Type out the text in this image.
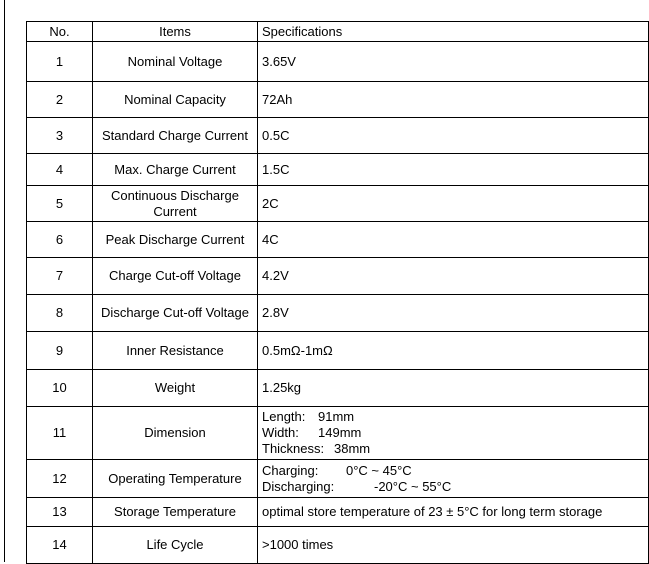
No.	Items	Specifications
1	Nominal Voltage	3.65V
2	Nominal Capacity	72Ah
3	Standard Charge Current	0.5C
4	Max. Charge Current	1.5C
5	Continuous Discharge Current	2C
6	Peak Discharge Current	4C
7	Charge Cut-off Voltage	4.2V
8	Discharge Cut-off Voltage	2.8V
9	Inner Resistance	0.5mΩ-1mΩ
10	Weight	1.25kg
11	Dimension	Length: 91mm
Width: 149mm
Thickness: 38mm

12	Operating Temperature	Charging: 0°C ~ 45°C
Discharging: -20°C ~ 55°C

13	Storage Temperature	optimal store temperature of 23 ± 5°C for long term storage
14	Life Cycle	>1000 times
